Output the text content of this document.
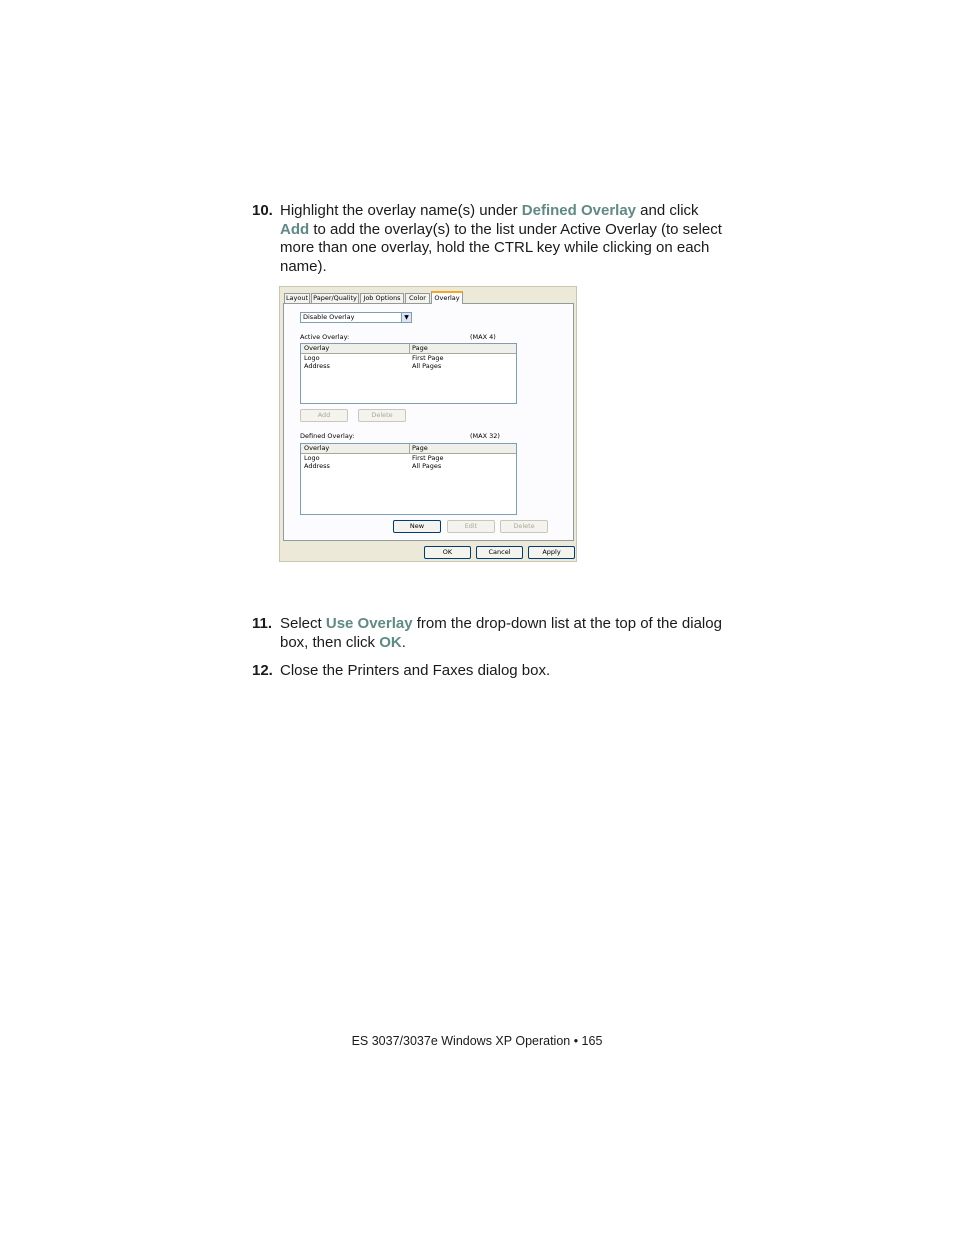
10. Highlight the overlay name(s) under Defined Overlay and click Add to add the overlay(s) to the list under Active Overlay (to select more than one overlay, hold the CTRL key while clicking on each name).
Layout Paper/Quality	Job Options	Color	Overlay
Disable Overlay	▼
Active Overlay:	(MAX 4)
Overlay	Page
Logo	First Page
Address	All Pages
Add	Delete
Defined Overlay:	(MAX 32)
Overlay	Page
Logo	First Page
Address	All Pages
New	Edit	Delete
OK	Cancel	Apply
11. Select Use Overlay from the drop-down list at the top of the dialog box, then click OK.
12. Close the Printers and Faxes dialog box.
ES 3037/3037e Windows XP Operation • 165
